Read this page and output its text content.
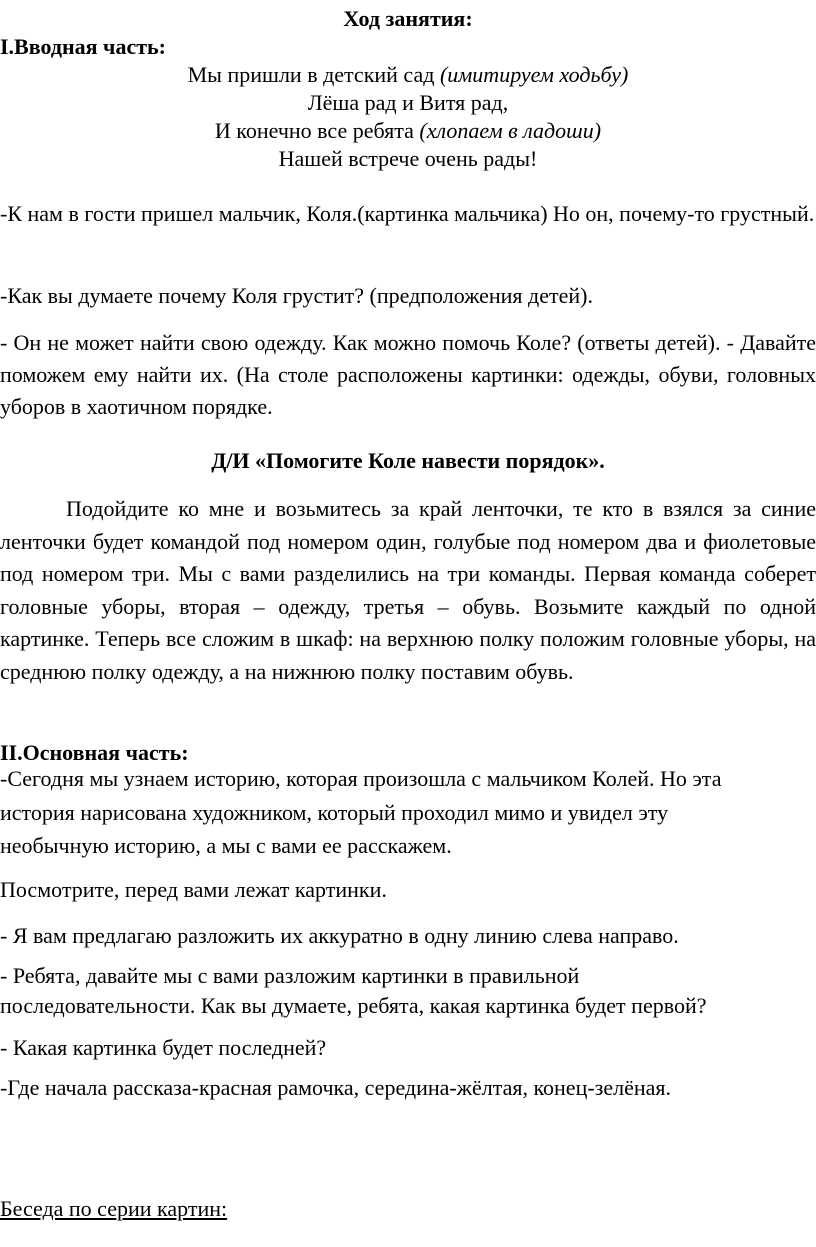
Ход занятия:
I.Вводная часть:
Мы пришли в детский сад (имитируем ходьбу)
Лёша рад и Витя рад,
И конечно все ребята (хлопаем в ладоши)
Нашей встрече очень рады!

-К нам в гости пришел мальчик, Коля.(картинка мальчика) Но он, почему-то грустный.

-Как вы думаете почему Коля грустит? (предположения детей).

- Он не может найти свою одежду. Как можно помочь Коле? (ответы детей). - Давайте поможем ему найти их. (На столе расположены картинки: одежды, обуви, головных уборов в хаотичном порядке.

Д/И «Помогите Коле навести порядок».

Подойдите ко мне и возьмитесь за край ленточки, те кто в взялся за синие ленточки будет командой под номером один, голубые под номером два и фиолетовые под номером три. Мы с вами разделились на три команды. Первая команда соберет головные уборы, вторая – одежду, третья – обувь. Возьмите каждый по одной картинке. Теперь все сложим в шкаф: на верхнюю полку положим головные уборы, на среднюю полку одежду, а на нижнюю полку поставим обувь.

II.Основная часть:
-Сегодня мы узнаем историю, которая произошла с мальчиком Колей. Но эта
история нарисована художником, который проходил мимо и увидел эту
необычную историю, а мы с вами ее расскажем.
Посмотрите, перед вами лежат картинки.
- Я вам предлагаю разложить их аккуратно в одну линию слева направо.
- Ребята, давайте мы с вами разложим картинки в правильной
последовательности. Как вы думаете, ребята, какая картинка будет первой?
- Какая картинка будет последней?
-Где начала рассказа-красная рамочка, середина-жёлтая, конец-зелёная.
Беседа по серии картин:
